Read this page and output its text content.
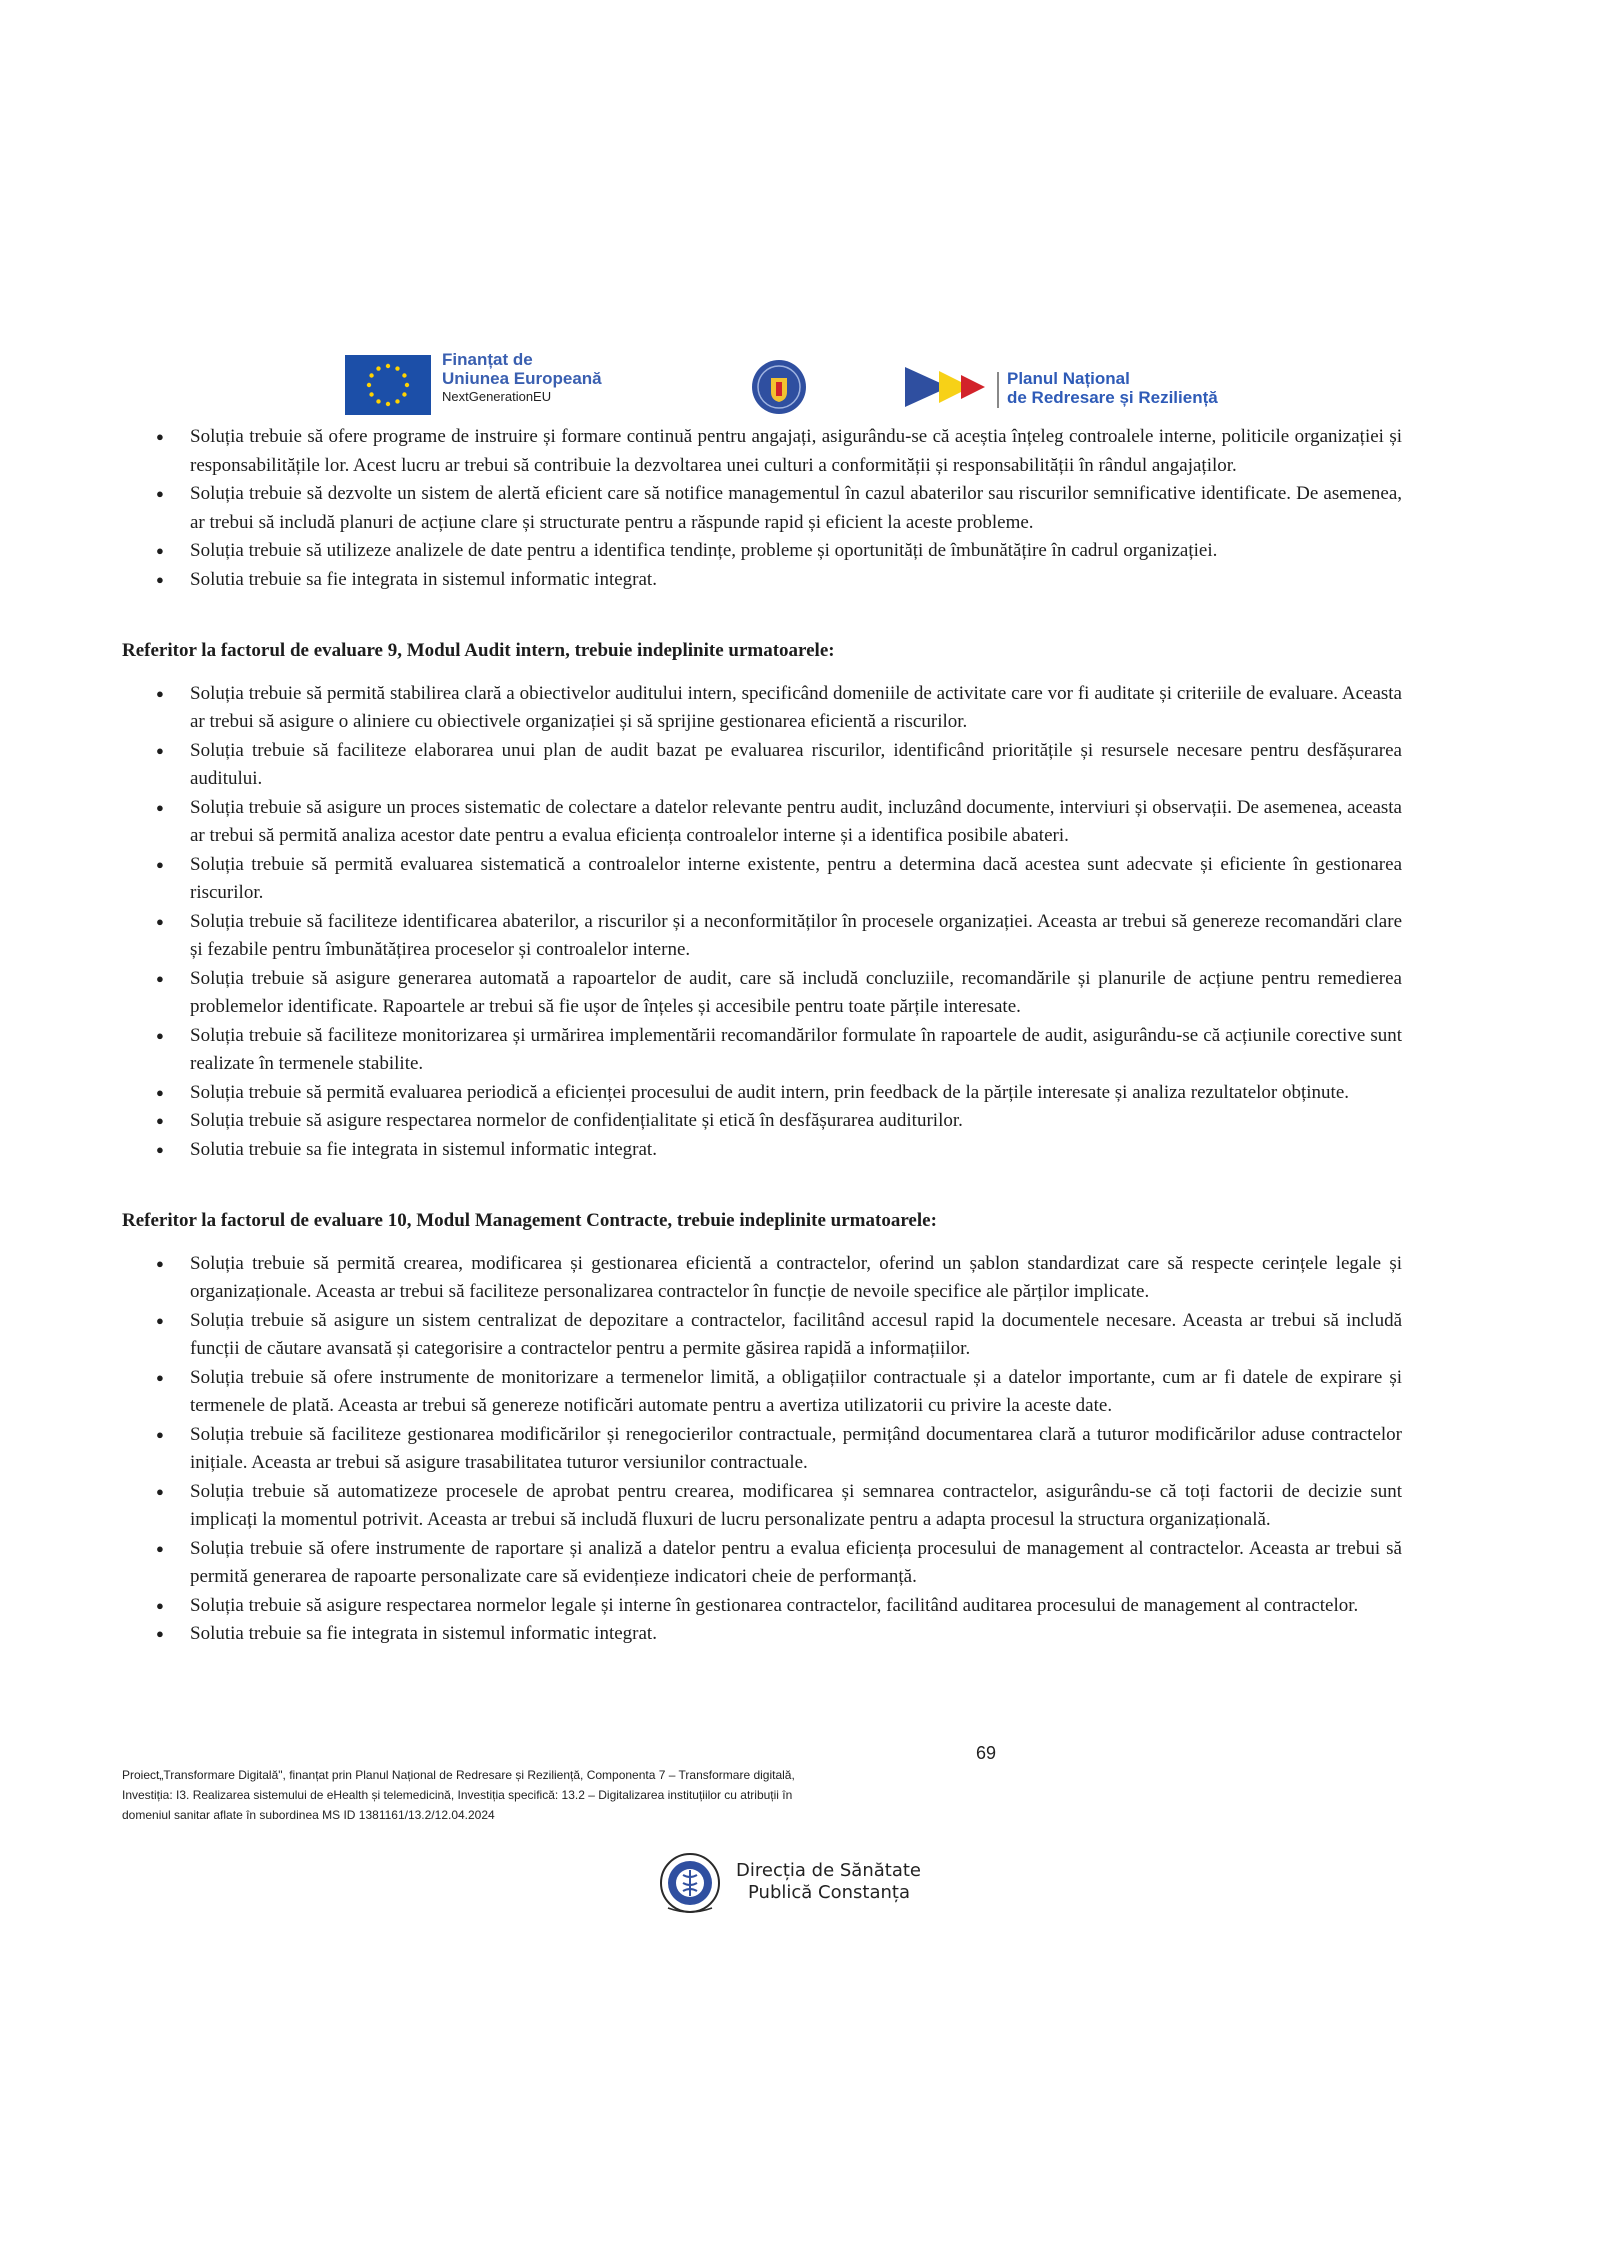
Finanțat de
Uniunea Europeană
NextGenerationEU
Planul Național
de Redresare și Reziliență
● Soluția trebuie să ofere programe de instruire și formare continuă pentru angajați, asigurându-se că aceștia înțeleg controalele interne, politicile organizației și responsabilitățile lor. Acest lucru ar trebui să contribuie la dezvoltarea unei culturi a conformității și responsabilității în rândul angajaților.
● Soluția trebuie să dezvolte un sistem de alertă eficient care să notifice managementul în cazul abaterilor sau riscurilor semnificative identificate. De asemenea, ar trebui să includă planuri de acțiune clare și structurate pentru a răspunde rapid și eficient la aceste probleme.
● Soluția trebuie să utilizeze analizele de date pentru a identifica tendințe, probleme și oportunități de îmbunătățire în cadrul organizației.
● Solutia trebuie sa fie integrata in sistemul informatic integrat.

Referitor la factorul de evaluare 9, Modul Audit intern, trebuie indeplinite urmatoarele:

● Soluția trebuie să permită stabilirea clară a obiectivelor auditului intern, specificând domeniile de activitate care vor fi auditate și criteriile de evaluare. Aceasta ar trebui să asigure o aliniere cu obiectivele organizației și să sprijine gestionarea eficientă a riscurilor.
● Soluția trebuie să faciliteze elaborarea unui plan de audit bazat pe evaluarea riscurilor, identificând prioritățile și resursele necesare pentru desfășurarea auditului.
● Soluția trebuie să asigure un proces sistematic de colectare a datelor relevante pentru audit, incluzând documente, interviuri și observații. De asemenea, aceasta ar trebui să permită analiza acestor date pentru a evalua eficiența controalelor interne și a identifica posibile abateri.
● Soluția trebuie să permită evaluarea sistematică a controalelor interne existente, pentru a determina dacă acestea sunt adecvate și eficiente în gestionarea riscurilor.
● Soluția trebuie să faciliteze identificarea abaterilor, a riscurilor și a neconformităților în procesele organizației. Aceasta ar trebui să genereze recomandări clare și fezabile pentru îmbunătățirea proceselor și controalelor interne.
● Soluția trebuie să asigure generarea automată a rapoartelor de audit, care să includă concluziile, recomandările și planurile de acțiune pentru remedierea problemelor identificate. Rapoartele ar trebui să fie ușor de înțeles și accesibile pentru toate părțile interesate.
● Soluția trebuie să faciliteze monitorizarea și urmărirea implementării recomandărilor formulate în rapoartele de audit, asigurându-se că acțiunile corective sunt realizate în termenele stabilite.
● Soluția trebuie să permită evaluarea periodică a eficienței procesului de audit intern, prin feedback de la părțile interesate și analiza rezultatelor obținute.
● Soluția trebuie să asigure respectarea normelor de confidențialitate și etică în desfășurarea auditurilor.
● Solutia trebuie sa fie integrata in sistemul informatic integrat.

Referitor la factorul de evaluare 10, Modul Management Contracte, trebuie indeplinite urmatoarele:

● Soluția trebuie să permită crearea, modificarea și gestionarea eficientă a contractelor, oferind un șablon standardizat care să respecte cerințele legale și organizaționale. Aceasta ar trebui să faciliteze personalizarea contractelor în funcție de nevoile specifice ale părților implicate.
● Soluția trebuie să asigure un sistem centralizat de depozitare a contractelor, facilitând accesul rapid la documentele necesare. Aceasta ar trebui să includă funcții de căutare avansată și categorisire a contractelor pentru a permite găsirea rapidă a informațiilor.
● Soluția trebuie să ofere instrumente de monitorizare a termenelor limită, a obligațiilor contractuale și a datelor importante, cum ar fi datele de expirare și termenele de plată. Aceasta ar trebui să genereze notificări automate pentru a avertiza utilizatorii cu privire la aceste date.
● Soluția trebuie să faciliteze gestionarea modificărilor și renegocierilor contractuale, permițând documentarea clară a tuturor modificărilor aduse contractelor inițiale. Aceasta ar trebui să asigure trasabilitatea tuturor versiunilor contractuale.
● Soluția trebuie să automatizeze procesele de aprobat pentru crearea, modificarea și semnarea contractelor, asigurându-se că toți factorii de decizie sunt implicați la momentul potrivit. Aceasta ar trebui să includă fluxuri de lucru personalizate pentru a adapta procesul la structura organizațională.
● Soluția trebuie să ofere instrumente de raportare și analiză a datelor pentru a evalua eficiența procesului de management al contractelor. Aceasta ar trebui să permită generarea de rapoarte personalizate care să evidențieze indicatori cheie de performanță.
● Soluția trebuie să asigure respectarea normelor legale și interne în gestionarea contractelor, facilitând auditarea procesului de management al contractelor.
● Solutia trebuie sa fie integrata in sistemul informatic integrat.
69
Proiect„Transformare Digitală", finanțat prin Planul Național de Redresare și Reziliență, Componenta 7 – Transformare digitală,
Investiția: I3. Realizarea sistemului de eHealth și telemedicină, Investiția specifică: 13.2 – Digitalizarea instituțiilor cu atribuții în
domeniul sanitar aflate în subordinea MS ID 1381161/13.2/12.04.2024
Direcția de Sănătate
Publică Constanța
